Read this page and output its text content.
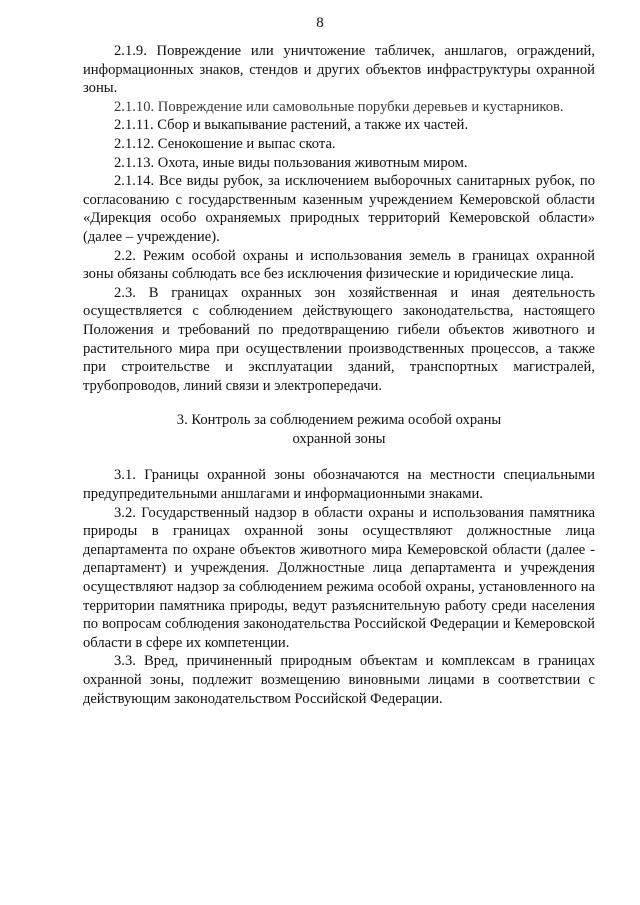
8

2.1.9. Повреждение или уничтожение табличек, аншлагов, ограждений, информационных знаков, стендов и других объектов инфраструктуры охранной зоны.

2.1.10. Повреждение или самовольные порубки деревьев и кустарников.

2.1.11. Сбор и выкапывание растений, а также их частей.

2.1.12. Сенокошение и выпас скота.

2.1.13. Охота, иные виды пользования животным миром.

2.1.14. Все виды рубок, за исключением выборочных санитарных рубок, по согласованию с государственным казенным учреждением Кемеровской области «Дирекция особо охраняемых природных территорий Кемеровской области» (далее – учреждение).

2.2. Режим особой охраны и использования земель в границах охранной зоны обязаны соблюдать все без исключения физические и юридические лица.

2.3. В границах охранных зон хозяйственная и иная деятельность осуществляется с соблюдением действующего законодательства, настоящего Положения и требований по предотвращению гибели объектов животного и растительного мира при осуществлении производственных процессов, а также при строительстве и эксплуатации зданий, транспортных магистралей, трубопроводов, линий связи и электропередачи.

3. Контроль за соблюдением режима особой охраны
охранной зоны

3.1. Границы охранной зоны обозначаются на местности специальными предупредительными аншлагами и информационными знаками.

3.2. Государственный надзор в области охраны и использования памятника природы в границах охранной зоны осуществляют должностные лица департамента по охране объектов животного мира Кемеровской области (далее - департамент) и учреждения. Должностные лица департамента и учреждения осуществляют надзор за соблюдением режима особой охраны, установленного на территории памятника природы, ведут разъяснительную работу среди населения по вопросам соблюдения законодательства Российской Федерации и Кемеровской области в сфере их компетенции.

3.3. Вред, причиненный природным объектам и комплексам в границах охранной зоны, подлежит возмещению виновными лицами в соответствии с действующим законодательством Российской Федерации.
